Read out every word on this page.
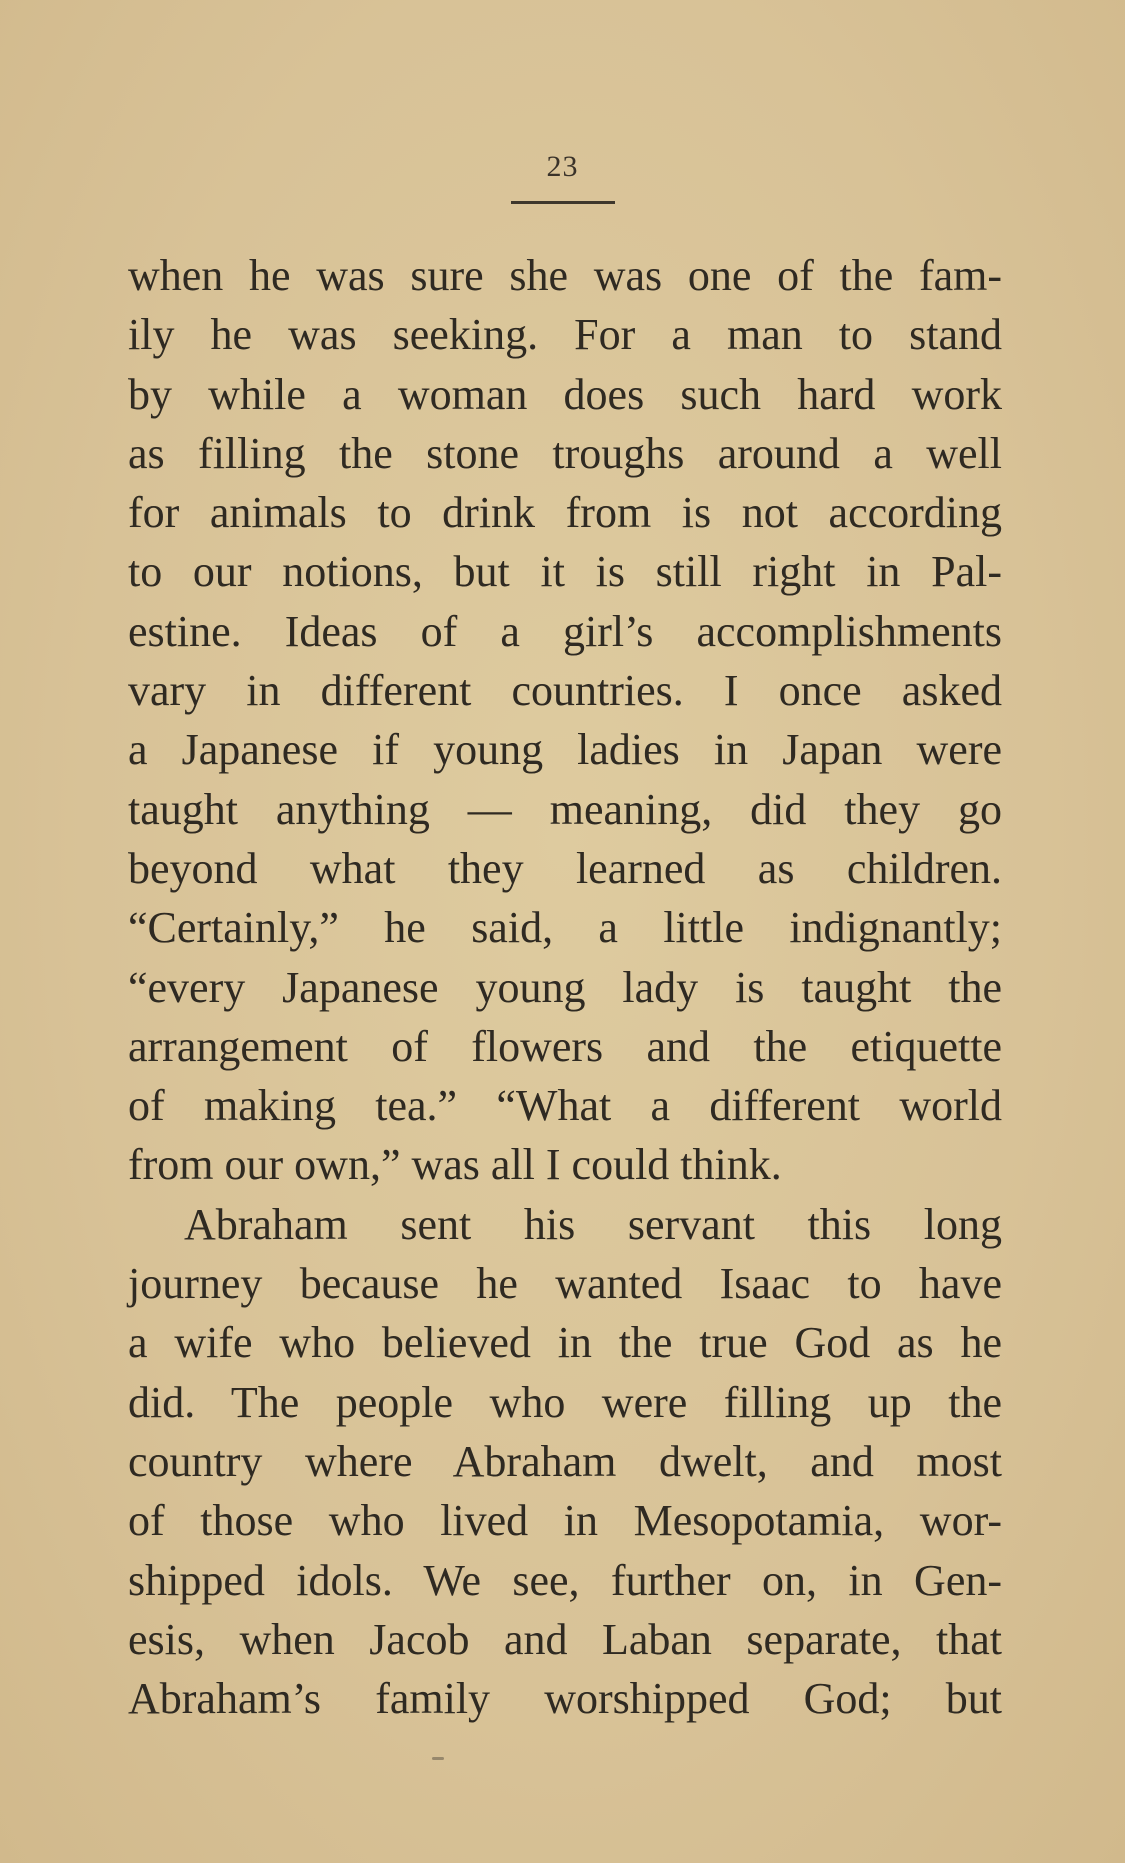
23
when he was sure she was one of the fam-
ily he was seeking. For a man to stand
by while a woman does such hard work
as filling the stone troughs around a well
for animals to drink from is not according
to our notions, but it is still right in Pal-
estine. Ideas of a girl’s accomplishments
vary in different countries. I once asked
a Japanese if young ladies in Japan were
taught anything — meaning, did they go
beyond what they learned as children.
“Certainly,” he said, a little indignantly;
“every Japanese young lady is taught the
arrangement of flowers and the etiquette
of making tea.” “What a different world
from our own,” was all I could think.
Abraham sent his servant this long
journey because he wanted Isaac to have
a wife who believed in the true God as he
did. The people who were filling up the
country where Abraham dwelt, and most
of those who lived in Mesopotamia, wor-
shipped idols. We see, further on, in Gen-
esis, when Jacob and Laban separate, that
Abraham’s family worshipped God; but
